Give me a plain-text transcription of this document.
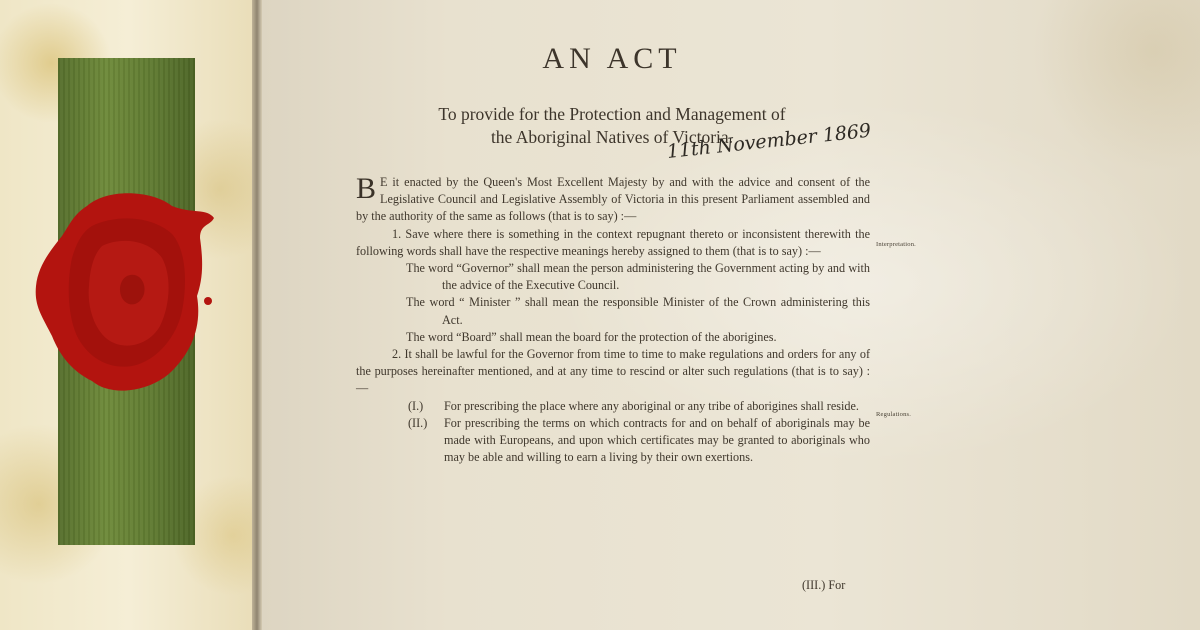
AN ACT
To provide for the Protection and Management of
the Aboriginal Natives of Victoria.
11th November 1869
Interpretation.
Regulations.

B E it enacted by the Queen's Most Excellent Majesty by and with the advice and consent of the Legislative Council and Legislative Assembly of Victoria in this present Parliament assembled and by the authority of the same as follows (that is to say) :—

1. Save where there is something in the context repugnant thereto or inconsistent therewith the following words shall have the respective meanings hereby assigned to them (that is to say) :—

The word “Governor” shall mean the person administering the Government acting by and with the advice of the Executive Council.

The word “ Minister ” shall mean the responsible Minister of the Crown administering this Act.

The word “Board” shall mean the board for the protection of the aborigines.

2. It shall be lawful for the Governor from time to time to make regulations and orders for any of the purposes hereinafter mentioned, and at any time to rescind or alter such regulations (that is to say) :—

(I.) For prescribing the place where any aboriginal or any tribe of aborigines shall reside.

(II.) For prescribing the terms on which contracts for and on behalf of aboriginals may be made with Europeans, and upon which certificates may be granted to aboriginals who may be able and willing to earn a living by their own exertions.

(III.) For
